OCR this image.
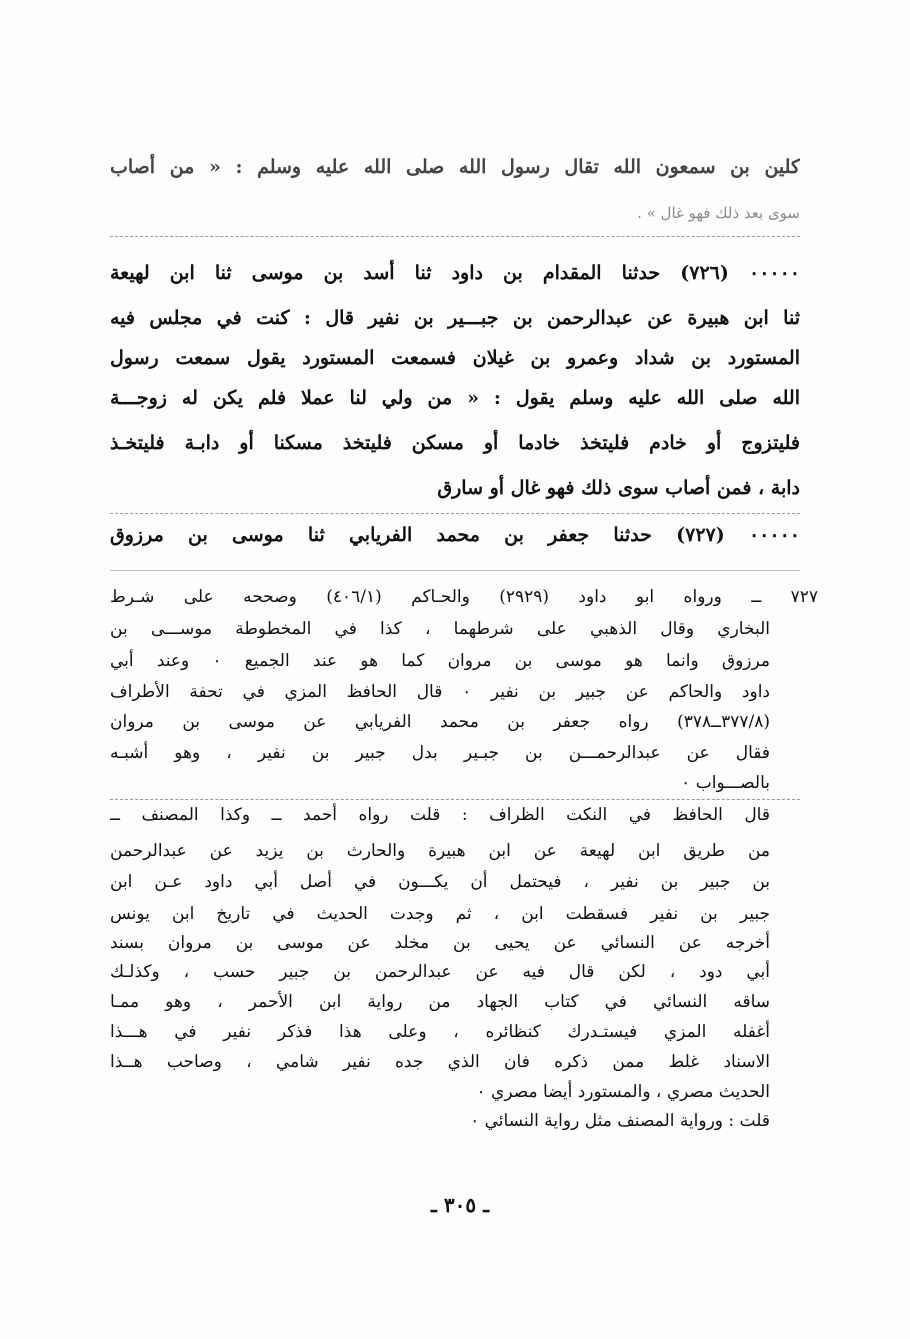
كلين بن سمعون الله تقال رسول الله صلى الله عليه وسلم : « من أصاب
سوى بعد ذلك فهو غال » .
٠٠٠٠٠ (٧٢٦) حدثنا المقدام بن داود ثنا أسد بن موسى ثنا ابن لهيعة
ثنا ابن هبيرة عن عبدالرحمن بن جبـــير بن نفير قال : كنت في مجلس فيه
المستورد بن شداد وعمرو بن غيلان فسمعت المستورد يقول سمعت رسول
الله صلى الله عليه وسلم يقول : « من ولي لنا عملا فلم يكن له زوجـــة
فليتزوج أو خادم فليتخذ خادما أو مسكن فليتخذ مسكنا أو دابـة فليتخـذ
دابة ، فمن أصاب سوى ذلك فهو غال أو سارق
٠٠٠٠٠ (٧٢٧) حدثنا جعفر بن محمد الفريابي ثنا موسى بن مرزوق
٧٢٧ ــ ورواه ابو داود (٢٩٢٩) والحـاكم (٤٠٦/١) وصححه على شـرط
البخاري وقال الذهبي على شرطهما ، كذا في المخطوطة موســـى بن
مرزوق وانما هو موسى بن مروان كما هو عند الجميع ٠ وعند أبي
داود والحاكم عن جبير بن نفير ٠ قال الحافظ المزي في تحفة الأطراف
(٣٧٧/٨ــ٣٧٨) رواه جعفر بن محمد الفريابي عن موسى بن مروان
فقال عن عبدالرحمـــن بن جبـير بدل جبير بن نفير ، وهو أشبـه
بالصـــواب ٠
قال الحافظ في النكت الظراف : قلت رواه أحمد ــ وكذا المصنف ــ
من طريق ابن لهيعة عن ابن هبيرة والحارث بن يزيد عن عبدالرحمن
بن جبير بن نفير ، فيحتمل أن يكـــون في أصل أبي داود عـن ابن
جبير بن نفير فسقطت ابن ، ثم وجدت الحديث في تاريخ ابن يونس
أخرجه عن النسائي عن يحيى بن مخلد عن موسى بن مروان بسند
أبي دود ، لكن قال فيه عن عبدالرحمن بن جبير حسب ، وكذلـك
ساقه النسائي في كتاب الجهاد من رواية ابن الأحمر ، وهو ممـا
أغفله المزي فيستـدرك كنظائره ، وعلى هذا فذكر نفير في هـــذا
الاسناد غلط ممن ذكره فان الذي جده نفير شامي ، وصاحب هــذا
الحديث مصري ، والمستورد أيضا مصري ٠
قلت : ورواية المصنف مثل رواية النسائي ٠
ـ ٣٠٥ ـ
